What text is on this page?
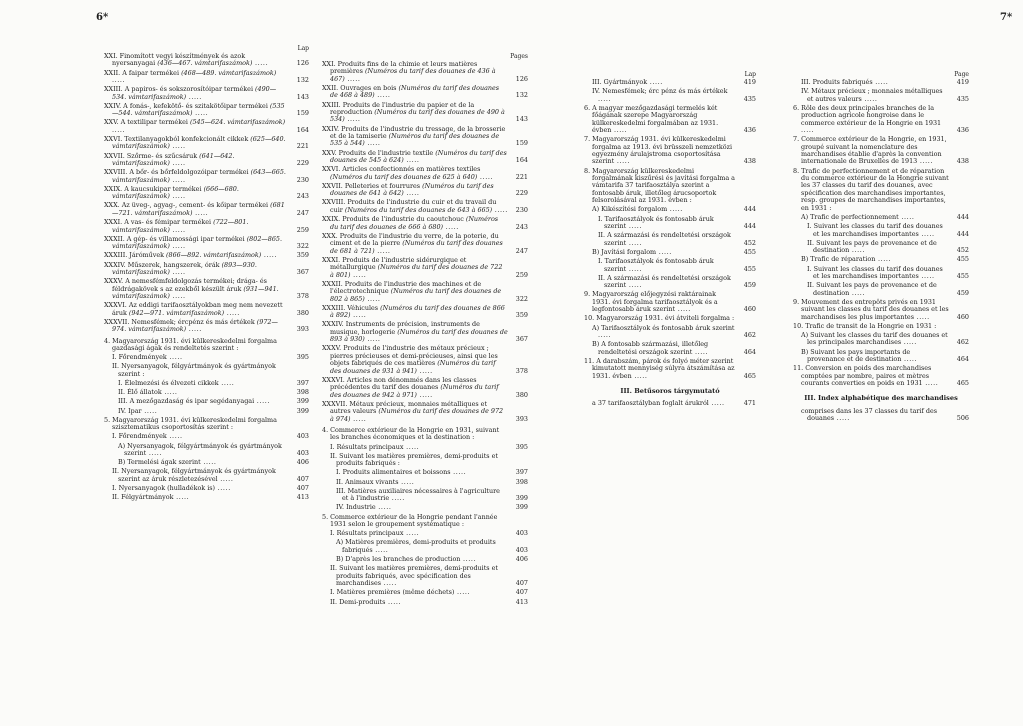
6*	7*
Lap
XXI. Finomított vegyi készítmények és azok nyersanyagai (436—467. vámtarifaszámok) .....	126
XXII. A faipar termékei (468—489. vámtarifaszámok) .....	132
XXIII. A papiros- és sokszorosítóipar termékei (490—534. vámtarifaszámok) .....	143
XXIV. A fonás-, kefekötő- és szitakötőipar termékei (535—544. vámtarifaszámok) .....	159
XXV. A textilipar termékei (545—624. vámtarifaszámok) .....	164
XXVI. Textilanyagokból konfekcionált cikkek (625—640. vámtarifaszámok) .....	221
XXVII. Szőrme- és szűcsáruk (641—642. vámtarifaszámok) .....	229
XXVIII. A bőr- és bőrfeldolgozóipar termékei (643—665. vámtarifaszámok) .....	230
XXIX. A kaucsukipar termékei (666—680. vámtarifaszámok) .....	243
XXX. Az üveg-, agyag-, cement- és kőipar termékei (681—721. vámtarifaszámok) .....	247
XXXI. A vas- és fémipar termékei (722—801. vámtarifaszámok) .....	259
XXXII. A gép- és villamossági ipar termékei (802—865. vámtarifaszámok) .....	322
XXXIII. Járóművek (866—892. vámtarifaszámok) .....	359
XXXIV. Műszerek, hangszerek, órák (893—930. vámtarifaszámok) .....	367
XXXV. A nemesfémfeldolgozás termékei; drága- és féldrágakövek s az ezekből készült áruk (931—941. vámtarifaszámok) .....	378
XXXVI. Az eddigi tarifaosztályokban meg nem nevezett áruk (942—971. vámtarifaszámok) .....	380
XXXVII. Nemesfémek; ércpénz és más értékek (972—974. vámtarifaszámok) .....	393
4. Magyarország 1931. évi külkereskedelmi forgalma gazdasági ágak és rendeltetés szerint :
I. Főrendmények .....	395
II. Nyersanyagok, félgyártmányok és gyártmányok szerint :
I. Élelmezési és élvezeti cikkek .....	397
II. Élő állatok .....	398
III. A mezőgazdaság és ipar segédanyagai .....	399
IV. Ipar .....	399
5. Magyarország 1931. évi külkereskedelmi forgalma szisztematikus csoportosítás szerint :
I. Főrendmények .....	403
A) Nyersanyagok, félgyártmányok és gyártmányok szerint .....	403
B) Termelési ágak szerint .....	406
II. Nyersanyagok, félgyártmányok és gyártmányok szerint az áruk részletezésével .....	407
I. Nyersanyagok (hulladékok is) .....	407
II. Félgyártmányok .....	413
Pages
XXI. Produits fins de la chimie et leurs matières premières (Numéros du tarif des douanes de 436 à 467) .....	126
XXII. Ouvrages en bois (Numéros du tarif des douanes de 468 à 489) .....	132
XXIII. Produits de l'industrie du papier et de la reproduction (Numéros du tarif des douanes de 490 à 534) .....	143
XXIV. Produits de l'industrie du tressage, de la brosserie et de la tamiserie (Numéros du tarif des douanes de 535 à 544) .....	159
XXV. Produits de l'industrie textile (Numéros du tarif des douanes de 545 à 624) .....	164
XXVI. Articles confectionnés en matières textiles (Numéros du tarif des douanes de 625 à 640) .....	221
XXVII. Pelleteries et fourrures (Numéros du tarif des douanes de 641 à 642) .....	229
XXVIII. Produits de l'industrie du cuir et du travail du cuir (Numéros du tarif des douanes de 643 à 665) .....	230
XXIX. Produits de l'industrie du caoutchouc (Numéros du tarif des douanes de 666 à 680) .....	243
XXX. Produits de l'industrie du verre, de la poterie, du ciment et de la pierre (Numéros du tarif des douanes de 681 à 721) .....	247
XXXI. Produits de l'industrie sidérurgique et métallurgique (Numéros du tarif des douanes de 722 à 801) .....	259
XXXII. Produits de l'industrie des machines et de l'électrotechnique (Numéros du tarif des douanes de 802 à 865) .....	322
XXXIII. Véhicules (Numéros du tarif des douanes de 866 à 892) .....	359
XXXIV. Instruments de précision, instruments de musique, horlogerie (Numéros du tarif des douanes de 893 à 930) .....	367
XXXV. Produits de l'industrie des métaux précieux ; pierres précieuses et demi-précieuses, ainsi que les objets fabriqués de ces matières (Numéros du tarif des douanes de 931 à 941) .....	378
XXXVI. Articles non dénommés dans les classes précédentes du tarif des douanes (Numéros du tarif des douanes de 942 à 971) .....	380
XXXVII. Métaux précieux, monnaies métalliques et autres valeurs (Numéros du tarif des douanes de 972 à 974) .....	393
4. Commerce extérieur de la Hongrie en 1931, suivant les branches économiques et la destination :
I. Résultats principaux .....	395
II. Suivant les matières premières, demi-produits et produits fabriqués :
I. Produits alimentaires et boissons .....	397
II. Animaux vivants .....	398
III. Matières auxiliaires nécessaires à l'agriculture et à l'industrie .....	399
IV. Industrie .....	399
5. Commerce extérieur de la Hongrie pendant l'année 1931 selon le groupement systématique :
I. Résultats principaux .....	403
A) Matières premières, demi-produits et produits fabriqués .....	403
B) D'après les branches de production .....	406
II. Suivant les matières premières, demi-produits et produits fabriqués, avec spécification des marchandises .....	407
I. Matières premières (même déchets) .....	407
II. Demi-produits .....	413
Lap
III. Gyártmányok .....	419
IV. Nemesfémek; érc pénz és más értékek .....	435
6. A magyar mezőgazdasági termelés két főágának szerepe Magyarország külkereskedelmi forgalmában az 1931. évben .....	436
7. Magyarország 1931. évi külkereskedelmi forgalma az 1913. évi brüsszeli nemzetközi egyezmény árulajstroma csoportosítása szerint .....	438
8. Magyarország külkereskedelmi forgalmának kiszűrési és javítási forgalma a vámtarifa 37 tarifaosztálya szerint a fontosabb áruk, illetőleg árucsoportok felsorolásával az 1931. évben :
A) Kikészítési forgalom .....	444
I. Tarifaosztályok és fontosabb áruk szerint .....	444
II. A származási és rendeltetési országok szerint .....	452
B) Javítási forgalom .....	455
I. Tarifaosztályok és fontosabb áruk szerint .....	455
II. A származási és rendeltetési országok szerint .....	459
9. Magyarország előjegyzési raktárainak 1931. évi forgalma tarifaosztályok és a legfontosabb áruk szerint .....	460
10. Magyarország 1931. évi átviteli forgalma :
A) Tarifaosztályok és fontosabb áruk szerint .....	462
B) A fontosabb származási, illetőleg rendeltetési országok szerint .....	464
11. A darabszám, párok és folyó méter szerint kimutatott mennyiség súlyra átszámítása az 1931. évben .....	465
III. Betűsoros tárgymutató
a 37 tarifaosztályban foglalt árukról .....	471
Page
III. Produits fabriqués .....	419
IV. Métaux précieux ; monnaies métalliques et autres valeurs .....	435
6. Rôle des deux principales branches de la production agricole hongroise dans le commerce extérieur de la Hongrie en 1931 .....	436
7. Commerce extérieur de la Hongrie, en 1931, groupé suivant la nomenclature des marchandises établie d'après la convention internationale de Bruxelles de 1913 .....	438
8. Trafic de perfectionnement et de réparation du commerce extérieur de la Hongrie suivant les 37 classes du tarif des douanes, avec spécification des marchandises importantes, resp. groupes de marchandises importantes, en 1931 :
A) Trafic de perfectionnement .....	444
I. Suivant les classes du tarif des douanes et les marchandises importantes .....	444
II. Suivant les pays de provenance et de destination .....	452
B) Trafic de réparation .....	455
I. Suivant les classes du tarif des douanes et les marchandises importantes .....	455
II. Suivant les pays de provenance et de destination .....	459
9. Mouvement des entrepôts privés en 1931 suivant les classes du tarif des douanes et les marchandises les plus importantes .....	460
10. Trafic de transit de la Hongrie en 1931 :
A) Suivant les classes du tarif des douanes et les principales marchandises .....	462
B) Suivant les pays importants de provenance et de destination .....	464
11. Conversion en poids des marchandises comptées par nombre, paires et mètres courants converties en poids en 1931 .....	465
III. Index alphabétique des marchandises
comprises dans les 37 classes du tarif des douanes .....	506
